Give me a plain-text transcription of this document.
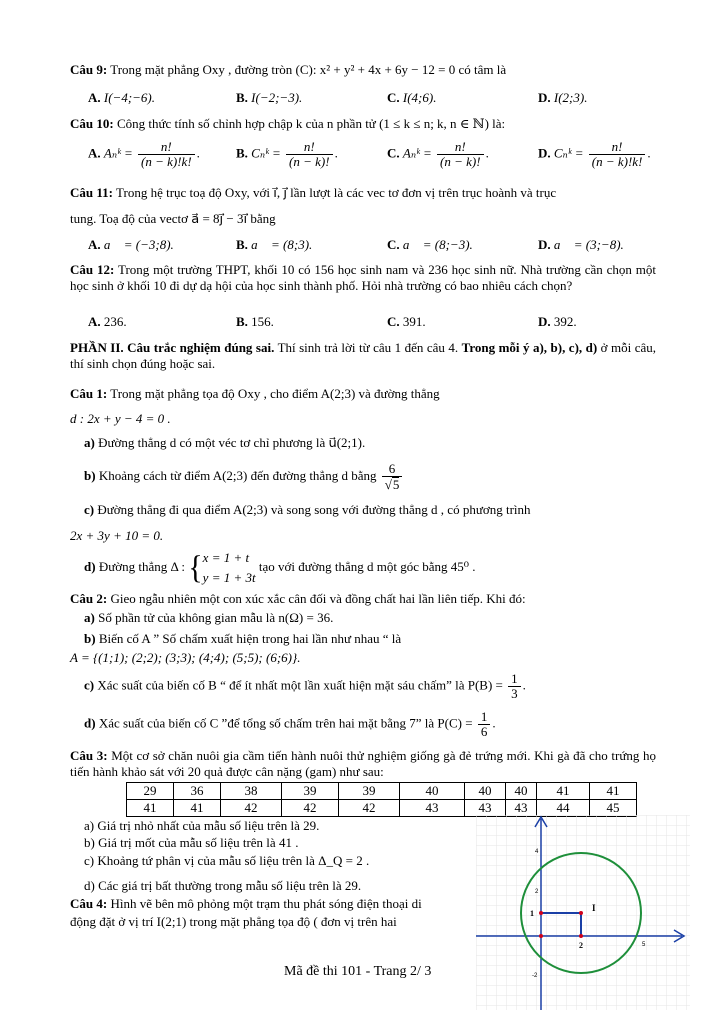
Câu 9: Trong mặt phẳng Oxy , đường tròn (C): x² + y² + 4x + 6y − 12 = 0 có tâm là
A. I(−4;−6).	B. I(−2;−3).	C. I(4;6).	D. I(2;3).
Câu 10: Công thức tính số chỉnh hợp chập k của n phần tử (1 ≤ k ≤ n; k, n ∈ ℕ) là:
A. Aₙᵏ = $\frac{n!}{(n - k)!k!}$ .	B. Cₙᵏ = $\frac{n!}{(n - k)!}$ .	C. Aₙᵏ = $\frac{n!}{(n - k)!}$ .	D. Cₙᵏ = $\frac{n!}{(n - k)!k!}$ .
Câu 11: Trong hệ trục toạ độ Oxy, với i⃗, j⃗ lần lượt là các vec tơ đơn vị trên trục hoành và trục
tung. Toạ độ của vectơ a⃗ = 8j⃗ − 3i⃗ bằng
A. a⃗ = (−3;8).	B. a⃗ = (8;3).	C. a⃗ = (8;−3).	D. a⃗ = (3;−8).
Câu 12: Trong một trường THPT, khối 10 có 156 học sinh nam và 236 học sinh nữ. Nhà trường cần chọn một học sinh ở khối 10 đi dự dạ hội của học sinh thành phố. Hỏi nhà trường có bao nhiêu cách chọn?
A. 236.	B. 156.	C. 391.	D. 392.
PHẦN II. Câu trắc nghiệm đúng sai. Thí sinh trả lời từ câu 1 đến câu 4. Trong mỗi ý a), b), c), d) ở mỗi câu, thí sinh chọn đúng hoặc sai.
Câu 1: Trong mặt phẳng tọa độ Oxy , cho điểm A(2;3) và đường thẳng
d : 2x + y − 4 = 0 .
a) Đường thẳng d có một véc tơ chỉ phương là u⃗(2;1).
b) Khoảng cách từ điểm A(2;3) đến đường thẳng d bằng $\frac{6}{√5}$
c) Đường thẳng đi qua điểm A(2;3) và song song với đường thẳng d , có phương trình
2x + 3y + 10 = 0.
d) Đường thẳng Δ : { x = 1 + t
y = 1 + 3t
tạo với đường thẳng d một góc bằng 45⁰ .
Câu 2: Gieo ngẫu nhiên một con xúc xắc cân đối và đồng chất hai lần liên tiếp. Khi đó:
a) Số phần tử của không gian mẫu là n(Ω) = 36.
b) Biến cố A ” Số chấm xuất hiện trong hai lần như nhau “ là
A = {(1;1); (2;2); (3;3); (4;4); (5;5); (6;6)}.
c) Xác suất của biến cố B “ để ít nhất một lần xuất hiện mặt sáu chấm” là $P(B) = \frac{1}{3}$ .
d) Xác suất của biến cố C ”để tổng số chấm trên hai mặt bằng 7” là $P(C) = \frac{1}{6}$ .
Câu 3: Một cơ sở chăn nuôi gia cầm tiến hành nuôi thử nghiệm giống gà đẻ trứng mới. Khi gà đã cho trứng họ tiến hành khảo sát với 20 quả được cân nặng (gam) như sau:
29	36	38	39	39	40	40	40	41	41
41	41	42	42	42	43	43	43	44	45
a) Giá trị nhỏ nhất của mẫu số liệu trên là 29.
b) Giá trị mốt của mẫu số liệu trên là 41 .
c) Khoảng tứ phân vị của mẫu số liệu trên là Δ_Q = 2 .
d) Các giá trị bất thường trong mẫu số liệu trên là 29.
Câu 4: Hình vẽ bên mô phỏng một trạm thu phát sóng điện thoại di
động đặt ở vị trí I(2;1) trong mặt phẳng tọa độ ( đơn vị trên hai
I
4
2
1
2	5
-2
Mã đề thi 101 - Trang 2/ 3
